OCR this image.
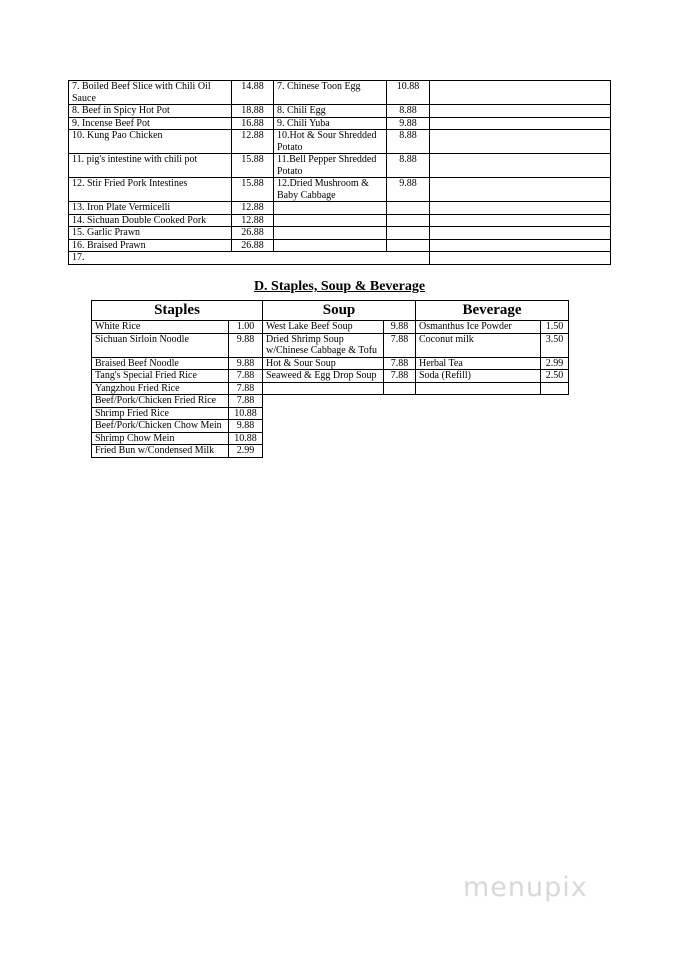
7. Boiled Beef Slice with Chili Oil Sauce	14.88	7. Chinese Toon Egg	10.88	
8. Beef in Spicy Hot Pot	18.88	8. Chili Egg	8.88	
9. Incense Beef Pot	16.88	9. Chili Yuba	9.88	
10. Kung Pao Chicken	12.88	10.Hot & Sour Shredded Potato	8.88	
11. pig's intestine with chili pot	15.88	11.Bell Pepper Shredded Potato	8.88	
12. Stir Fried Pork Intestines	15.88	12.Dried Mushroom & Baby Cabbage	9.88	
13. Iron Plate Vermicelli	12.88			
14. Sichuan Double Cooked Pork	12.88			
15. Garlic Prawn	26.88			
16. Braised Prawn	26.88			
17.				
D. Staples, Soup & Beverage
Staples		Soup		Beverage	
White Rice	1.00	West Lake Beef Soup	9.88	Osmanthus Ice Powder	1.50
Sichuan Sirloin Noodle	9.88	Dried Shrimp Soup w/Chinese Cabbage & Tofu	7.88	Coconut milk	3.50
Braised Beef Noodle	9.88	Hot & Sour Soup	7.88	Herbal Tea	2.99
Tang's Special Fried Rice	7.88	Seaweed & Egg Drop Soup	7.88	Soda (Refill)	2.50
Yangzhou Fried Rice	7.88				
Beef/Pork/Chicken Fried Rice	7.88				
Shrimp Fried Rice	10.88				
Beef/Pork/Chicken Chow Mein	9.88				
Shrimp Chow Mein	10.88				
Fried Bun w/Condensed Milk	2.99				
menupix
